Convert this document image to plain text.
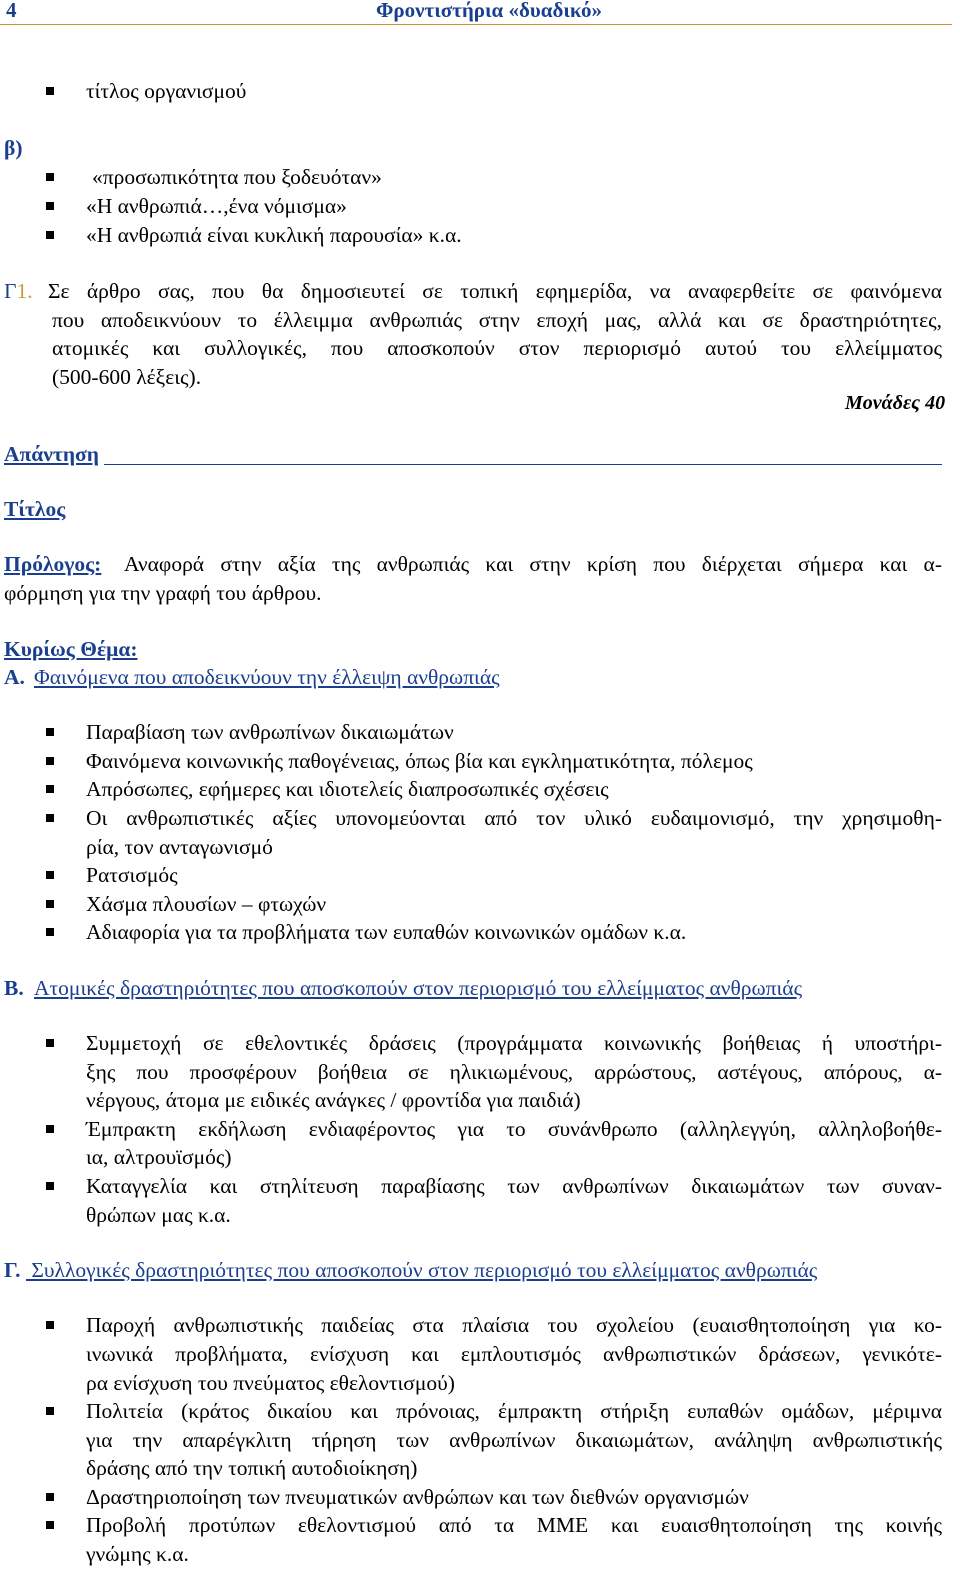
4	Φροντιστήρια «δυαδικό»
τίτλος οργανισμού
β)
«προσωπικότητα που ξοδευόταν»
«Η ανθρωπιά…,ένα νόμισμα»
«Η ανθρωπιά είναι κυκλική παρουσία» κ.α.
Γ1. Σε άρθρο σας, που θα δημοσιευτεί σε τοπική εφημερίδα, να αναφερθείτε σε φαινόμενα
που αποδεικνύουν το έλλειμμα ανθρωπιάς στην εποχή μας, αλλά και σε δραστηριότητες,
ατομικές και συλλογικές, που αποσκοπούν στον περιορισμό αυτού του ελλείμματος
(500-600 λέξεις).
Μονάδες 40
Απάντηση
Τίτλος
Πρόλογος: Αναφορά στην αξία της ανθρωπιάς και στην κρίση που διέρχεται σήμερα και α-
φόρμηση για την γραφή του άρθρου.
Κυρίως Θέμα:
Α. Φαινόμενα που αποδεικνύουν την έλλειψη ανθρωπιάς
Παραβίαση των ανθρωπίνων δικαιωμάτων
Φαινόμενα κοινωνικής παθογένειας, όπως βία και εγκληματικότητα, πόλεμος
Απρόσωπες, εφήμερες και ιδιοτελείς διαπροσωπικές σχέσεις
Οι ανθρωπιστικές αξίες υπονομεύονται από τον υλικό ευδαιμονισμό, την χρησιμοθη-
ρία, τον ανταγωνισμό
Ρατσισμός
Χάσμα πλουσίων – φτωχών
Αδιαφορία για τα προβλήματα των ευπαθών κοινωνικών ομάδων κ.α.
Β. Ατομικές δραστηριότητες που αποσκοπούν στον περιορισμό του ελλείμματος ανθρωπιάς
Συμμετοχή σε εθελοντικές δράσεις (προγράμματα κοινωνικής βοήθειας ή υποστήρι-
ξης που προσφέρουν βοήθεια σε ηλικιωμένους, αρρώστους, αστέγους, απόρους, α-
νέργους, άτομα με ειδικές ανάγκες / φροντίδα για παιδιά)
Έμπρακτη εκδήλωση ενδιαφέροντος για το συνάνθρωπο (αλληλεγγύη, αλληλοβοήθε-
ια, αλτρουϊσμός)
Καταγγελία και στηλίτευση παραβίασης των ανθρωπίνων δικαιωμάτων των συναν-
θρώπων μας κ.α.
Γ. Συλλογικές δραστηριότητες που αποσκοπούν στον περιορισμό του ελλείμματος ανθρωπιάς
Παροχή ανθρωπιστικής παιδείας στα πλαίσια του σχολείου (ευαισθητοποίηση για κο-
ινωνικά προβλήματα, ενίσχυση και εμπλουτισμός ανθρωπιστικών δράσεων, γενικότε-
ρα ενίσχυση του πνεύματος εθελοντισμού)
Πολιτεία (κράτος δικαίου και πρόνοιας, έμπρακτη στήριξη ευπαθών ομάδων, μέριμνα
για την απαρέγκλιτη τήρηση των ανθρωπίνων δικαιωμάτων, ανάληψη ανθρωπιστικής
δράσης από την τοπική αυτοδιοίκηση)
Δραστηριοποίηση των πνευματικών ανθρώπων και των διεθνών οργανισμών
Προβολή προτύπων εθελοντισμού από τα ΜΜΕ και ευαισθητοποίηση της κοινής
γνώμης κ.α.
